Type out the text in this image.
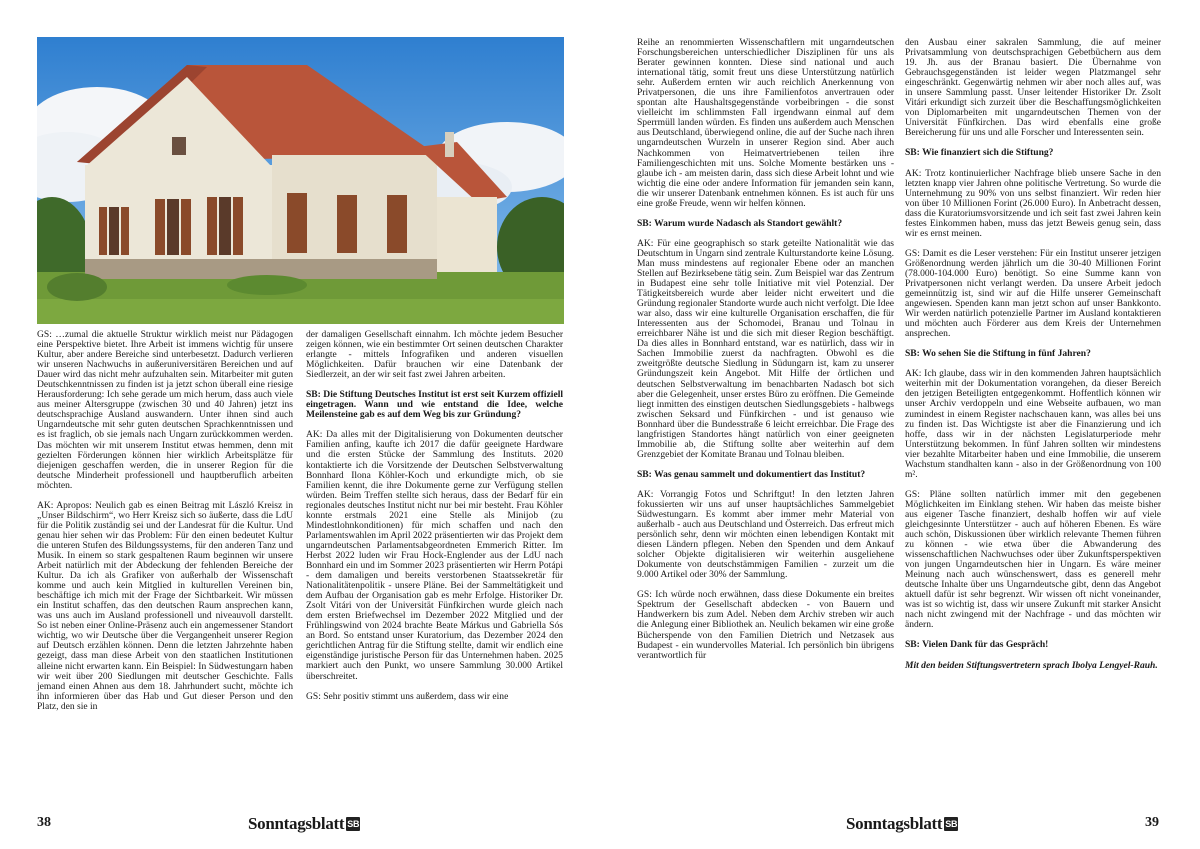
GS: …zumal die aktuelle Struktur wirklich meist nur Pädagogen eine Perspektive bietet. Ihre Arbeit ist immens wichtig für unsere Kultur, aber andere Bereiche sind unterbesetzt. Dadurch verlieren wir unseren Nachwuchs in außeruniversitären Bereichen und auf Dauer wird das nicht mehr aufzuhalten sein. Mitarbeiter mit guten Deutschkenntnissen zu finden ist ja jetzt schon überall eine riesige Herausforderung: Ich sehe gerade um mich herum, dass auch viele aus meiner Altersgruppe (zwischen 30 und 40 Jahren) jetzt ins deutschsprachige Ausland auswandern. Unter ihnen sind auch Ungarndeutsche mit sehr guten deutschen Sprachkenntnissen und es ist fraglich, ob sie jemals nach Ungarn zurückkommen werden. Das möchten wir mit unserem Institut etwas hemmen, denn mit gezielten Förderungen können hier wirklich Arbeitsplätze für diejenigen geschaffen werden, die in unserer Region für die deutsche Minderheit professionell und hauptberuflich arbeiten möchten.

AK: Apropos: Neulich gab es einen Beitrag mit László Kreisz in „Unser Bildschirm“, wo Herr Kreisz sich so äußerte, dass die LdU für die Politik zuständig sei und der Landesrat für die Kultur. Und genau hier sehen wir das Problem: Für den einen bedeutet Kultur die unteren Stufen des Bildungssystems, für den anderen Tanz und Musik. In einem so stark gespaltenen Raum beginnen wir unsere Arbeit natürlich mit der Abdeckung der fehlenden Bereiche der Kultur. Da ich als Grafiker von außerhalb der Wissenschaft komme und auch kein Mitglied in kulturellen Vereinen bin, beschäftige ich mich mit der Frage der Sichtbarkeit. Wir müssen ein Institut schaffen, das den deutschen Raum ansprechen kann, was uns auch im Ausland professionell und niveauvoll darstellt. So ist neben einer Online-Präsenz auch ein angemessener Standort wichtig, wo wir Deutsche über die Vergangenheit unserer Region auf Deutsch erzählen können. Denn die letzten Jahrzehnte haben gezeigt, dass man diese Arbeit von den staatlichen Institutionen alleine nicht erwarten kann. Ein Beispiel: In Südwestungarn haben wir weit über 200 Siedlungen mit deutscher Geschichte. Falls jemand einen Ahnen aus dem 18. Jahrhundert sucht, möchte ich ihn informieren über das Hab und Gut dieser Person und den Platz, den sie in

der damaligen Gesellschaft einnahm. Ich möchte jedem Besucher zeigen können, wie ein bestimmter Ort seinen deutschen Charakter erlangte - mittels Infografiken und anderen visuellen Möglichkeiten. Dafür brauchen wir eine Datenbank der Siedlerzeit, an der wir seit fast zwei Jahren arbeiten.

SB: Die Stiftung Deutsches Institut ist erst seit Kurzem offiziell eingetragen. Wann und wie entstand die Idee, welche Meilensteine gab es auf dem Weg bis zur Gründung?

AK: Da alles mit der Digitalisierung von Dokumenten deutscher Familien anfing, kaufte ich 2017 die dafür geeignete Hardware und die ersten Stücke der Sammlung des Instituts. 2020 kontaktierte ich die Vorsitzende der Deutschen Selbstverwaltung Bonnhard Ilona Köhler-Koch und erkundigte mich, ob sie Familien kennt, die ihre Dokumente gerne zur Verfügung stellen würden. Beim Treffen stellte sich heraus, dass der Bedarf für ein regionales deutsches Institut nicht nur bei mir besteht. Frau Köhler konnte erstmals 2021 eine Stelle als Minijob (zu Mindestlohnkonditionen) für mich schaffen und nach den Parlamentswahlen im April 2022 präsentierten wir das Projekt dem ungarndeutschen Parlamentsabgeordneten Emmerich Ritter. Im Herbst 2022 luden wir Frau Hock-Englender aus der LdU nach Bonnhard ein und im Sommer 2023 präsentierten wir Herrn Potápi - dem damaligen und bereits verstorbenen Staatssekretär für Nationalitätenpolitik - unsere Pläne. Bei der Sammeltätigkeit und dem Aufbau der Organisation gab es mehr Erfolge. Historiker Dr. Zsolt Vitári von der Universität Fünfkirchen wurde gleich nach dem ersten Briefwechsel im Dezember 2022 Mitglied und der Frühlingswind von 2024 brachte Beate Márkus und Gabriella Sós an Bord. So entstand unser Kuratorium, das Dezember 2024 den gerichtlichen Antrag für die Stiftung stellte, damit wir endlich eine eigenständige juristische Person für das Unternehmen haben. 2025 markiert auch den Punkt, wo unsere Sammlung 30.000 Artikel überschreitet.

GS: Sehr positiv stimmt uns außerdem, dass wir eine

38	Sonntagsblatt SB

Reihe an renommierten Wissenschaftlern mit ungarndeutschen Forschungsbereichen unterschiedlicher Disziplinen für uns als Berater gewinnen konnten. Diese sind national und auch international tätig, somit freut uns diese Unterstützung natürlich sehr. Außerdem ernten wir auch reichlich Anerkennung von Privatpersonen, die uns ihre Familienfotos anvertrauen oder spontan alte Haushaltsgegenstände vorbeibringen - die sonst vielleicht im schlimmsten Fall irgendwann einmal auf dem Sperrmüll landen würden. Es finden uns außerdem auch Menschen aus Deutschland, überwiegend online, die auf der Suche nach ihren ungarndeutschen Wurzeln in unserer Region sind. Aber auch Nachkommen von Heimatvertriebenen teilen ihre Familiengeschichten mit uns. Solche Momente bestärken uns - glaube ich - am meisten darin, dass sich diese Arbeit lohnt und wie wichtig die eine oder andere Information für jemanden sein kann, die wir unserer Datenbank entnehmen können. Es ist auch für uns eine große Freude, wenn wir helfen können.

SB: Warum wurde Nadasch als Standort gewählt?

AK: Für eine geographisch so stark geteilte Nationalität wie das Deutschtum in Ungarn sind zentrale Kulturstandorte keine Lösung. Man muss mindestens auf regionaler Ebene oder an manchen Stellen auf Bezirksebene tätig sein. Zum Beispiel war das Zentrum in Budapest eine sehr tolle Initiative mit viel Potenzial. Der Tätigkeitsbereich wurde aber leider nicht erweitert und die Gründung regionaler Standorte wurde auch nicht verfolgt. Die Idee war also, dass wir eine kulturelle Organisation erschaffen, die für Interessenten aus der Schomodei, Branau und Tolnau in erreichbarer Nähe ist und die sich mit dieser Region beschäftigt. Da dies alles in Bonnhard entstand, war es natürlich, dass wir in Sachen Immobilie zuerst da nachfragten. Obwohl es die zweitgrößte deutsche Siedlung in Südungarn ist, kam zu unserer Gründungszeit kein Angebot. Mit Hilfe der örtlichen und deutschen Selbstverwaltung im benachbarten Nadasch bot sich aber die Gelegenheit, unser erstes Büro zu eröffnen. Die Gemeinde liegt inmitten des einstigen deutschen Siedlungsgebiets - halbwegs zwischen Seksard und Fünfkirchen - und ist genauso wie Bonnhard über die Bundesstraße 6 leicht erreichbar. Die Frage des langfristigen Standortes hängt natürlich von einer geeigneten Immobilie ab, die Stiftung sollte aber weiterhin auf dem Grenzgebiet der Komitate Branau und Tolnau bleiben.

SB: Was genau sammelt und dokumentiert das Institut?

AK: Vorrangig Fotos und Schriftgut! In den letzten Jahren fokussierten wir uns auf unser hauptsächliches Sammelgebiet Südwestungarn. Es kommt aber immer mehr Material von außerhalb - auch aus Deutschland und Österreich. Das erfreut mich persönlich sehr, denn wir möchten einen lebendigen Kontakt mit diesen Ländern pflegen. Neben den Spenden und dem Ankauf solcher Objekte digitalisieren wir weiterhin ausgeliehene Dokumente von deutschstämmigen Familien - zurzeit um die 9.000 Artikel oder 30% der Sammlung.

GS: Ich würde noch erwähnen, dass diese Dokumente ein breites Spektrum der Gesellschaft abdecken - von Bauern und Handwerkern bis zum Adel. Neben dem Archiv streben wir auch die Anlegung einer Bibliothek an. Neulich bekamen wir eine große Bücherspende von den Familien Dietrich und Netzasek aus Budapest - ein wundervolles Material. Ich persönlich bin übrigens verantwortlich für

den Ausbau einer sakralen Sammlung, die auf meiner Privatsammlung von deutschsprachigen Gebetbüchern aus dem 19. Jh. aus der Branau basiert. Die Übernahme von Gebrauchsgegenständen ist leider wegen Platzmangel sehr eingeschränkt. Gegenwärtig nehmen wir aber noch alles auf, was in unsere Sammlung passt. Unser leitender Historiker Dr. Zsolt Vitári erkundigt sich zurzeit über die Beschaffungsmöglichkeiten von Diplomarbeiten mit ungarndeutschen Themen von der Universität Fünfkirchen. Das wird ebenfalls eine große Bereicherung für uns und alle Forscher und Interessenten sein.

SB: Wie finanziert sich die Stiftung?

AK: Trotz kontinuierlicher Nachfrage blieb unsere Sache in den letzten knapp vier Jahren ohne politische Vertretung. So wurde die Unternehmung zu 90% von uns selbst finanziert. Wir reden hier von über 10 Millionen Forint (26.000 Euro). In Anbetracht dessen, dass die Kuratoriumsvorsitzende und ich seit fast zwei Jahren kein festes Einkommen haben, muss das jetzt Beweis genug sein, dass wir es ernst meinen.

GS: Damit es die Leser verstehen: Für ein Institut unserer jetzigen Größenordnung werden jährlich um die 30-40 Millionen Forint (78.000-104.000 Euro) benötigt. So eine Summe kann von Privatpersonen nicht verlangt werden. Da unsere Arbeit jedoch gemeinnützig ist, sind wir auf die Hilfe unserer Gemeinschaft angewiesen. Spenden kann man jetzt schon auf unser Bankkonto. Wir werden natürlich potenzielle Partner im Ausland kontaktieren und möchten auch Förderer aus dem Kreis der Unternehmen ansprechen.

SB: Wo sehen Sie die Stiftung in fünf Jahren?

AK: Ich glaube, dass wir in den kommenden Jahren hauptsächlich weiterhin mit der Dokumentation vorangehen, da dieser Bereich den jetzigen Beteiligten entgegenkommt. Hoffentlich können wir unser Archiv verdoppeln und eine Webseite aufbauen, wo man zumindest in einem Register nachschauen kann, was alles bei uns zu finden ist. Das Wichtigste ist aber die Finanzierung und ich hoffe, dass wir in der nächsten Legislaturperiode mehr Unterstützung bekommen. In fünf Jahren sollten wir mindestens vier bezahlte Mitarbeiter haben und eine Immobilie, die unserem Wachstum standhalten kann - also in der Größenordnung von 100 m².

GS: Pläne sollten natürlich immer mit den gegebenen Möglichkeiten im Einklang stehen. Wir haben das meiste bisher aus eigener Tasche finanziert, deshalb hoffen wir auf viele gleichgesinnte Unterstützer - auch auf höheren Ebenen. Es wäre auch schön, Diskussionen über wirklich relevante Themen führen zu können - wie etwa über die Abwanderung des wissenschaftlichen Nachwuchses oder über Zukunftsperspektiven von jungen Ungarndeutschen hier in Ungarn. Es wäre meiner Meinung nach auch wünschenswert, dass es generell mehr deutsche Inhalte über uns Ungarndeutsche gibt, denn das Angebot aktuell dafür ist sehr begrenzt. Wir wissen oft nicht voneinander, was ist so wichtig ist, dass wir unsere Zukunft mit starker Ansicht nach nicht zwingend mit der Nachfrage - und das möchten wir ändern.

SB: Vielen Dank für das Gespräch!

Mit den beiden Stiftungsvertretern sprach Ibolya Lengyel-Rauh.

Sonntagsblatt SB	39
